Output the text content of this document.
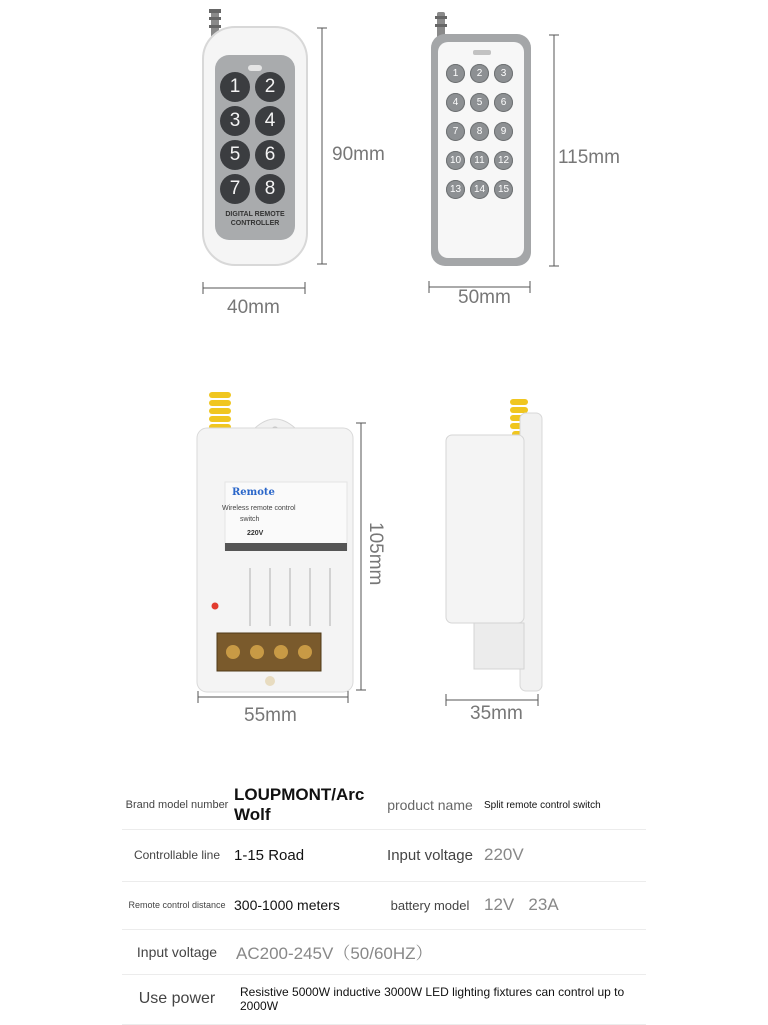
1	2
3	4
5	6
7	8
DIGITAL REMOTE
CONTROLLER
90mm
40mm
1	2	3
4	5	6
7	8	9
10	11	12
13	14	15
115mm
50mm
Remote
Wireless remote control
switch
220V	105mm
55mm	35mm
Brand model number	LOUPMONT/Arc Wolf	product name	Split remote control switch
Controllable line	1-15 Road	Input voltage	220V
Remote control distance	300-1000 meters	battery model	12V   23A
Input voltage	AC200-245V（50/60HZ）		
Use power	Resistive 5000W inductive 3000W LED lighting fixtures can control up to 2000W		
